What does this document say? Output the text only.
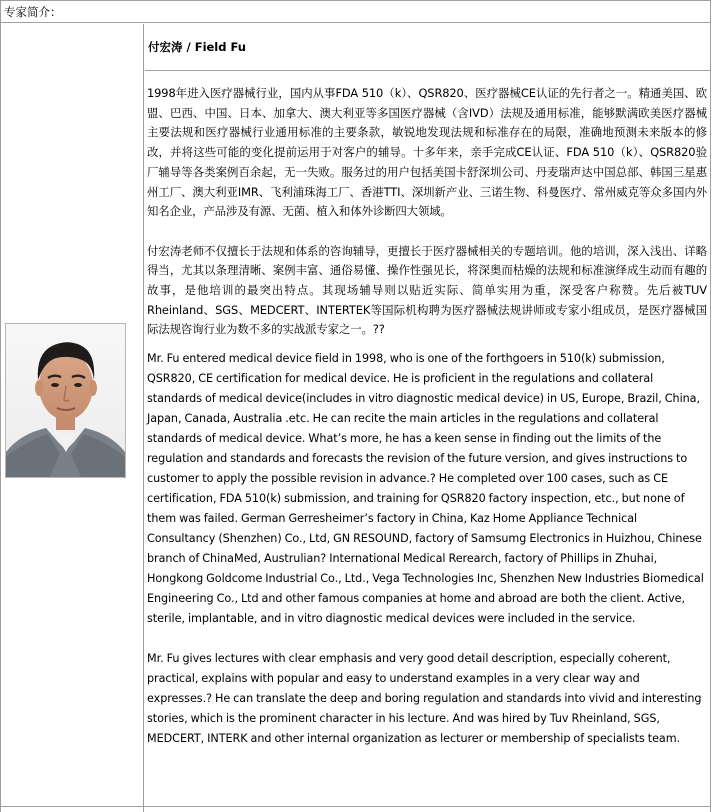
专家简介：
付宏涛 / Field Fu

1998年进入医疗器械行业，国内从事FDA 510（k）、QSR820、医疗器械CE认证的先行者之一。精通美国、欧盟、巴西、中国、日本、加拿大、澳大利亚等多国医疗器械（含IVD）法规及通用标准，能够默满欧美医疗器械主要法规和医疗器械行业通用标准的主要条款，敏锐地发现法规和标准存在的局限，准确地预测未来版本的修改，并将这些可能的变化提前运用于对客户的辅导。十多年来，亲手完成CE认证、FDA 510（k）、QSR820验厂辅导等各类案例百余起，无一失败。服务过的用户包括美国卡舒深圳公司、丹麦瑞声达中国总部、韩国三星惠州工厂、澳大利亚IMR、飞利浦珠海工厂、香港TTI、深圳新产业、三诺生物、科曼医疗、常州威克等众多国内外知名企业，产品涉及有源、无菌、植入和体外诊断四大领域。

付宏涛老师不仅擅长于法规和体系的咨询辅导，更擅长于医疗器械相关的专题培训。他的培训，深入浅出、详略得当，尤其以条理清晰、案例丰富、通俗易懂、操作性强见长，将深奥而枯燥的法规和标准演绎成生动而有趣的故事，是他培训的最突出特点。其现场辅导则以贴近实际、简单实用为重，深受客户称赞。先后被TUV Rheinland、SGS、MEDCERT、INTERTEK等国际机构聘为医疗器械法规讲师或专家小组成员，是医疗器械国际法规咨询行业为数不多的实战派专家之一。??

Mr. Fu entered medical device field in 1998, who is one of the forthgoers in 510(k) submission, QSR820, CE certification for medical device. He is proficient in the regulations and collateral standards of medical device(includes in vitro diagnostic medical device) in US, Europe, Brazil, China, Japan, Canada, Australia .etc. He can recite the main articles in the regulations and collateral standards of medical device. What’s more, he has a keen sense in finding out the limits of the regulation and standards and forecasts the revision of the future version, and gives instructions to customer to apply the possible revision in advance.? He completed over 100 cases, such as CE certification, FDA 510(k) submission, and training for QSR820 factory inspection, etc., but none of them was failed. German Gerresheimer’s factory in China, Kaz Home Appliance Technical Consultancy (Shenzhen) Co., Ltd, GN RESOUND, factory of Samsumg Electronics in Huizhou, Chinese branch of ChinaMed, Austrulian? International Medical Rerearch, factory of Phillips in Zhuhai, Hongkong Goldcome Industrial Co., Ltd., Vega Technologies Inc, Shenzhen New Industries Biomedical Engineering Co., Ltd and other famous companies at home and abroad are both the client. Active, sterile, implantable, and in vitro diagnostic medical devices were included in the service.

Mr. Fu gives lectures with clear emphasis and very good detail description, especially coherent, practical, explains with popular and easy to understand examples in a very clear way and expresses.? He can translate the deep and boring regulation and standards into vivid and interesting stories, which is the prominent character in his lecture. And was hired by Tuv Rheinland, SGS, MEDCERT, INTERK and other internal organization as lecturer or membership of specialists team.
